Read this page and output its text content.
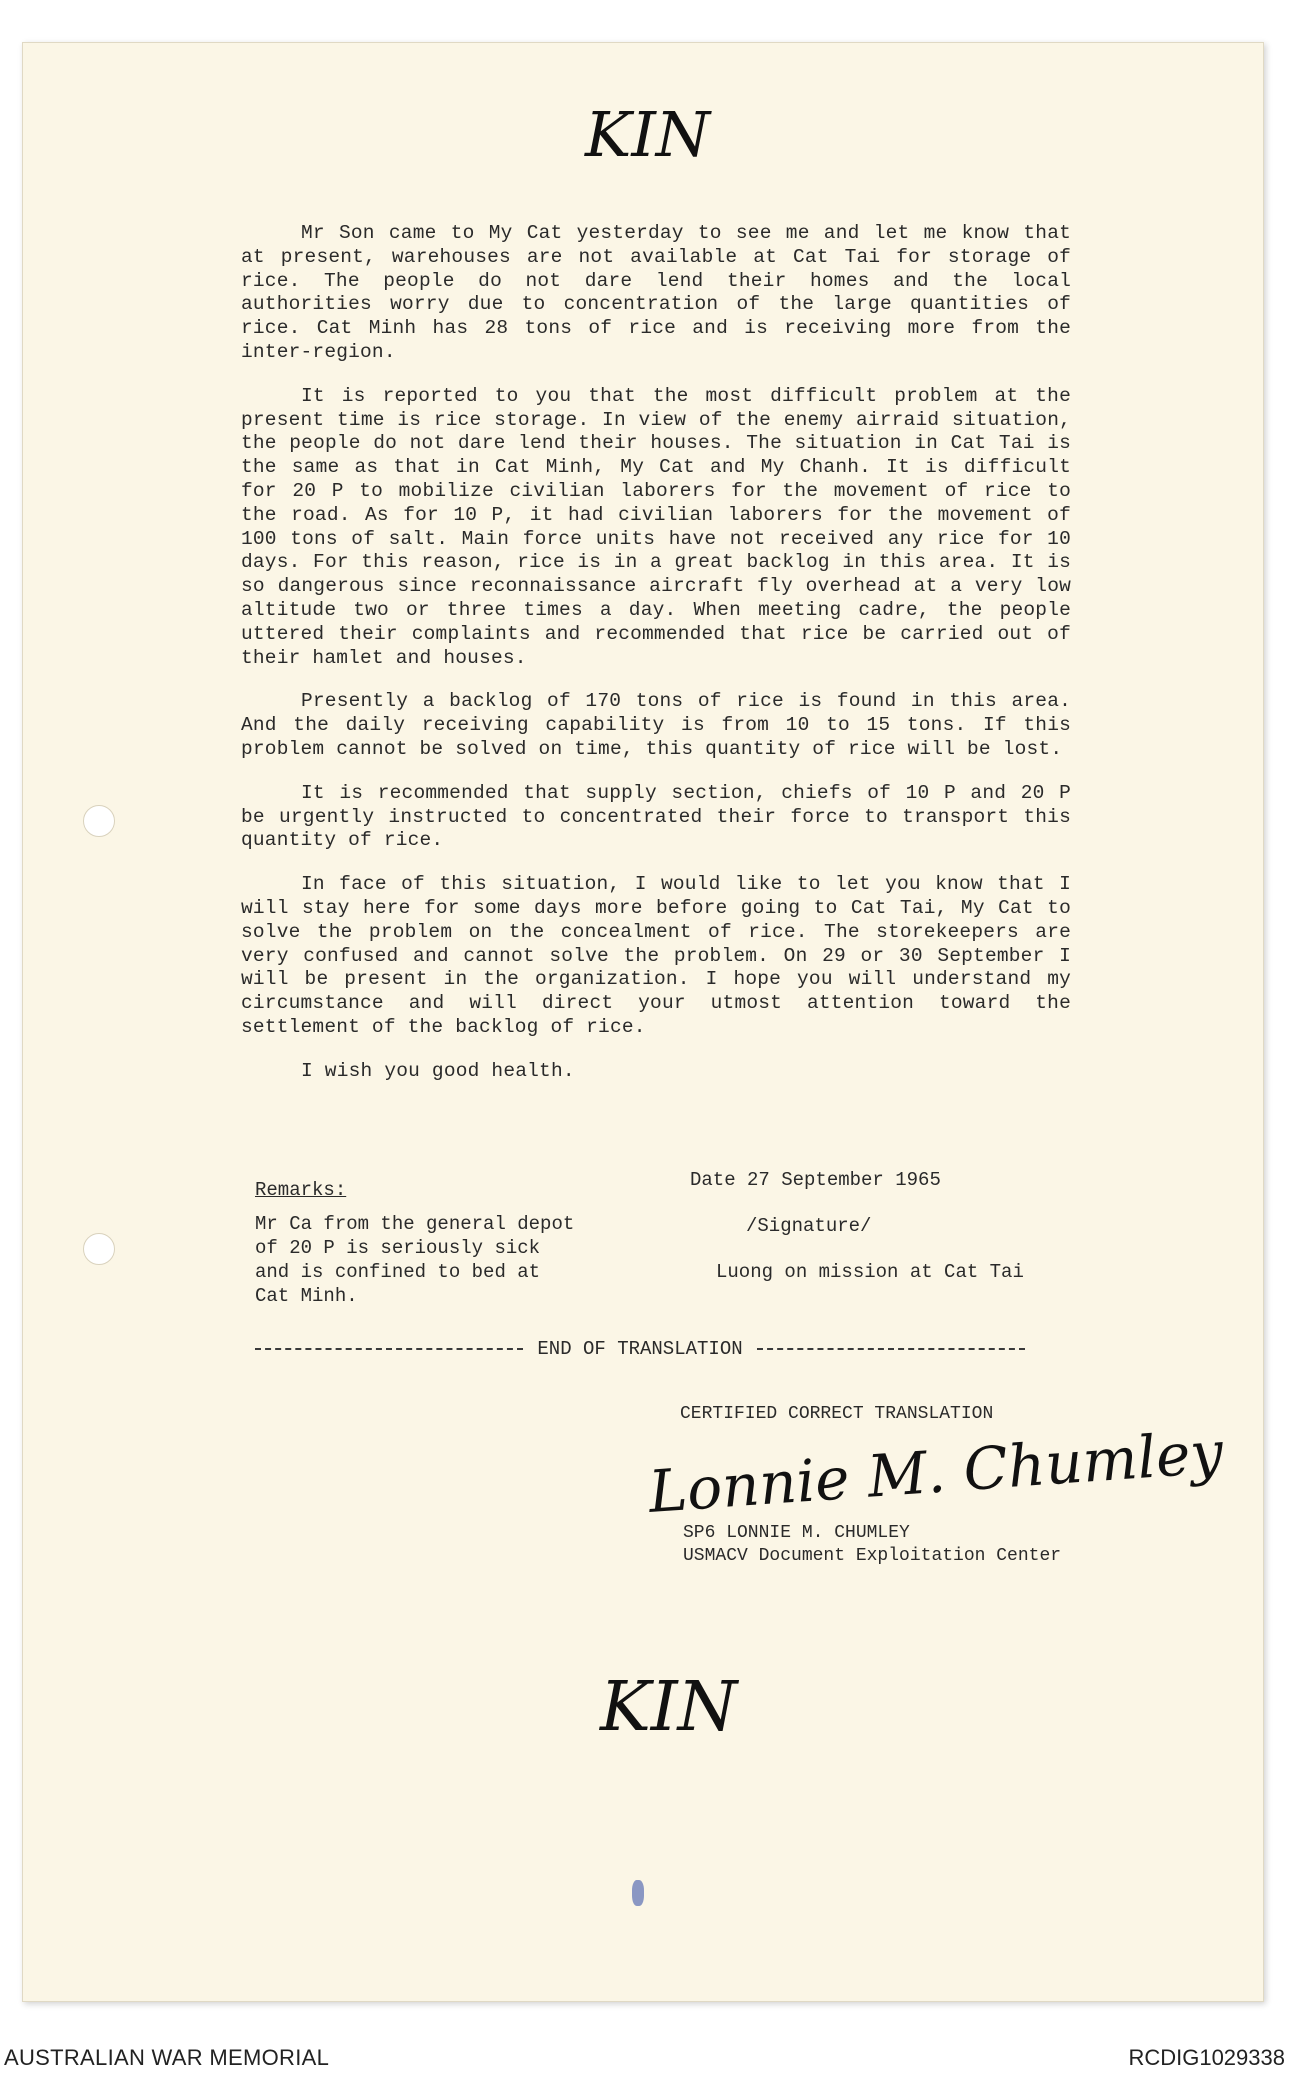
KIN

Mr Son came to My Cat yesterday to see me and let me know that at present, warehouses are not available at Cat Tai for storage of rice. The people do not dare lend their homes and the local authorities worry due to concentration of the large quantities of rice. Cat Minh has 28 tons of rice and is receiving more from the inter-region.

It is reported to you that the most difficult problem at the present time is rice storage. In view of the enemy airraid situation, the people do not dare lend their houses. The situation in Cat Tai is the same as that in Cat Minh, My Cat and My Chanh. It is difficult for 20 P to mobilize civilian laborers for the movement of rice to the road. As for 10 P, it had civilian laborers for the movement of 100 tons of salt. Main force units have not received any rice for 10 days. For this reason, rice is in a great backlog in this area. It is so dangerous since reconnaissance aircraft fly overhead at a very low altitude two or three times a day. When meeting cadre, the people uttered their complaints and recommended that rice be carried out of their hamlet and houses.

Presently a backlog of 170 tons of rice is found in this area. And the daily receiving capability is from 10 to 15 tons. If this problem cannot be solved on time, this quantity of rice will be lost.

It is recommended that supply section, chiefs of 10 P and 20 P be urgently instructed to concentrated their force to transport this quantity of rice.

In face of this situation, I would like to let you know that I will stay here for some days more before going to Cat Tai, My Cat to solve the problem on the concealment of rice. The storekeepers are very confused and cannot solve the problem. On 29 or 30 September I will be present in the organization. I hope you will understand my circumstance and will direct your utmost attention toward the settlement of the backlog of rice.

I wish you good health.

Remarks:
Mr Ca from the general depot of 20 P is seriously sick and is confined to bed at Cat Minh.
Date 27 September 1965
/Signature/
Luong on mission at Cat Tai
END OF TRANSLATION
CERTIFIED CORRECT TRANSLATION
Lonnie M. Chumley
SP6 LONNIE M. CHUMLEY
USMACV Document Exploitation Center
KIN
AUSTRALIAN WAR MEMORIAL	RCDIG1029338
